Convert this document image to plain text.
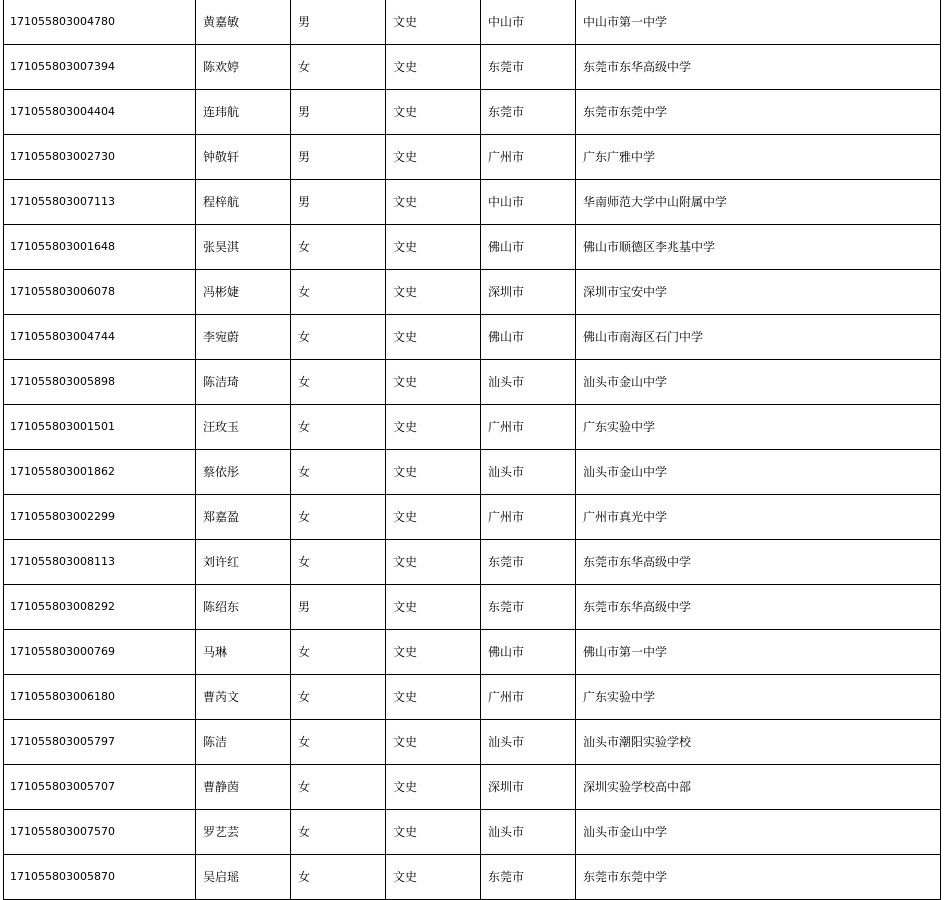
171055803004780	黄嘉敏	男	文史	中山市	中山市第一中学
171055803007394	陈欢婷	女	文史	东莞市	东莞市东华高级中学
171055803004404	连玮航	男	文史	东莞市	东莞市东莞中学
171055803002730	钟敬轩	男	文史	广州市	广东广雅中学
171055803007113	程梓航	男	文史	中山市	华南师范大学中山附属中学
171055803001648	张昊淇	女	文史	佛山市	佛山市顺德区李兆基中学
171055803006078	冯彬婕	女	文史	深圳市	深圳市宝安中学
171055803004744	李宛蔚	女	文史	佛山市	佛山市南海区石门中学
171055803005898	陈洁琦	女	文史	汕头市	汕头市金山中学
171055803001501	汪玫玉	女	文史	广州市	广东实验中学
171055803001862	蔡依彤	女	文史	汕头市	汕头市金山中学
171055803002299	郑嘉盈	女	文史	广州市	广州市真光中学
171055803008113	刘许红	女	文史	东莞市	东莞市东华高级中学
171055803008292	陈绍东	男	文史	东莞市	东莞市东华高级中学
171055803000769	马琳	女	文史	佛山市	佛山市第一中学
171055803006180	曹芮文	女	文史	广州市	广东实验中学
171055803005797	陈洁	女	文史	汕头市	汕头市潮阳实验学校
171055803005707	曹静茵	女	文史	深圳市	深圳实验学校高中部
171055803007570	罗艺芸	女	文史	汕头市	汕头市金山中学
171055803005870	吴启瑶	女	文史	东莞市	东莞市东莞中学
